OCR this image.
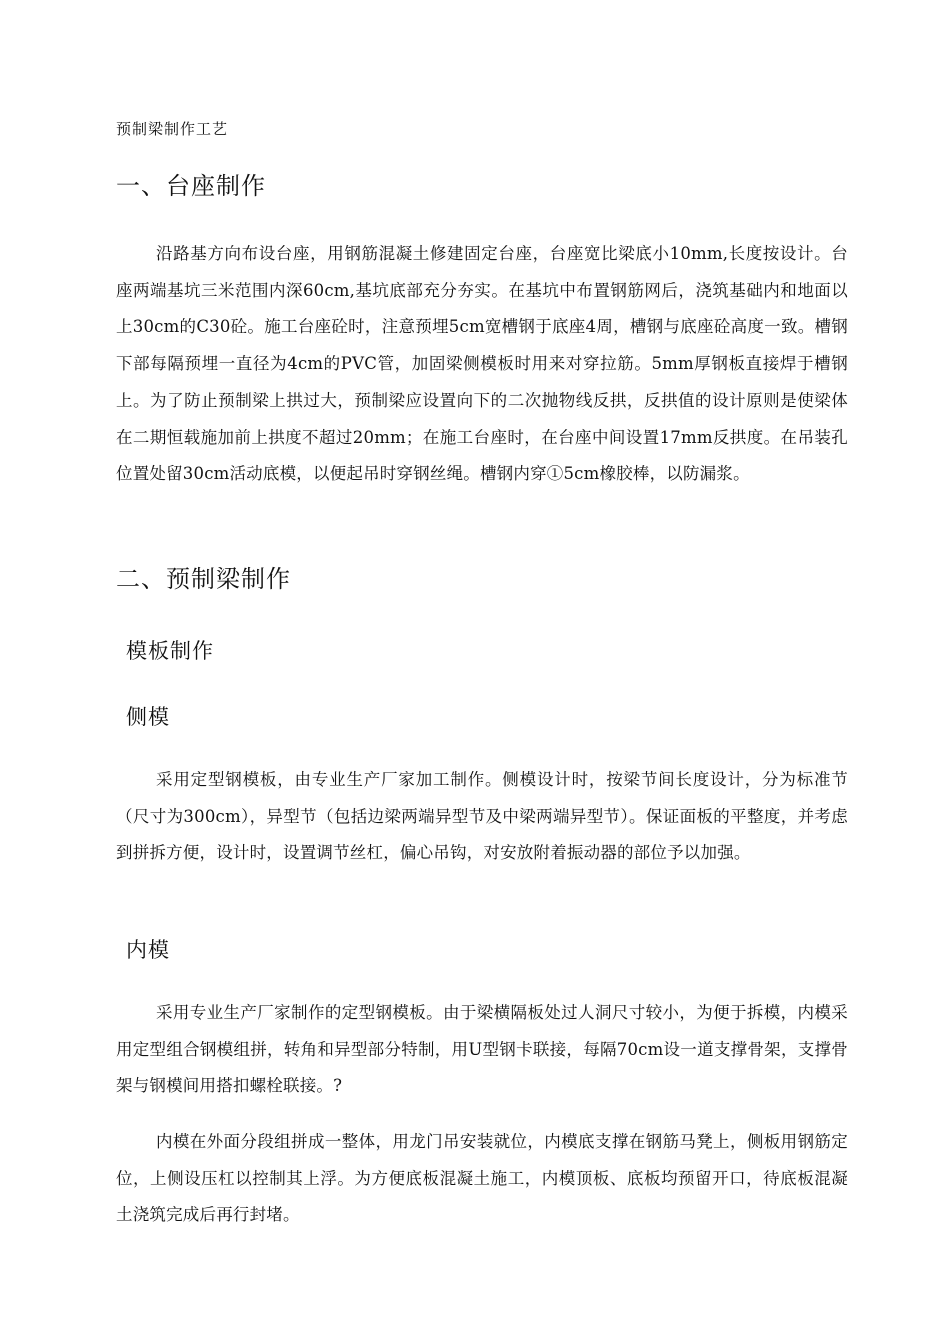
预制梁制作工艺
一、台座制作

沿路基方向布设台座，用钢筋混凝土修建固定台座，台座宽比梁底小10mm,长度按设计。台座两端基坑三米范围内深60cm,基坑底部充分夯实。在基坑中布置钢筋网后，浇筑基础内和地面以上30cm的C30砼。施工台座砼时，注意预埋5cm宽槽钢于底座4周，槽钢与底座砼高度一致。槽钢下部每隔预埋一直径为4cm的PVC管，加固梁侧模板时用来对穿拉筋。5mm厚钢板直接焊于槽钢上。为了防止预制梁上拱过大，预制梁应设置向下的二次抛物线反拱，反拱值的设计原则是使梁体在二期恒载施加前上拱度不超过20mm；在施工台座时，在台座中间设置17mm反拱度。在吊装孔位置处留30cm活动底模，以便起吊时穿钢丝绳。槽钢内穿①5cm橡胶棒，以防漏浆。

二、预制梁制作
模板制作
侧模

采用定型钢模板，由专业生产厂家加工制作。侧模设计时，按梁节间长度设计，分为标准节（尺寸为300cm），异型节（包括边梁两端异型节及中梁两端异型节）。保证面板的平整度，并考虑到拼拆方便，设计时，设置调节丝杠，偏心吊钩，对安放附着振动器的部位予以加强。

内模

采用专业生产厂家制作的定型钢模板。由于梁横隔板处过人洞尺寸较小，为便于拆模，内模采用定型组合钢模组拼，转角和异型部分特制，用U型钢卡联接，每隔70cm设一道支撑骨架，支撑骨架与钢模间用搭扣螺栓联接。?

内模在外面分段组拼成一整体，用龙门吊安装就位，内模底支撑在钢筋马凳上，侧板用钢筋定位，上侧设压杠以控制其上浮。为方便底板混凝土施工，内模顶板、底板均预留开口，待底板混凝土浇筑完成后再行封堵。
